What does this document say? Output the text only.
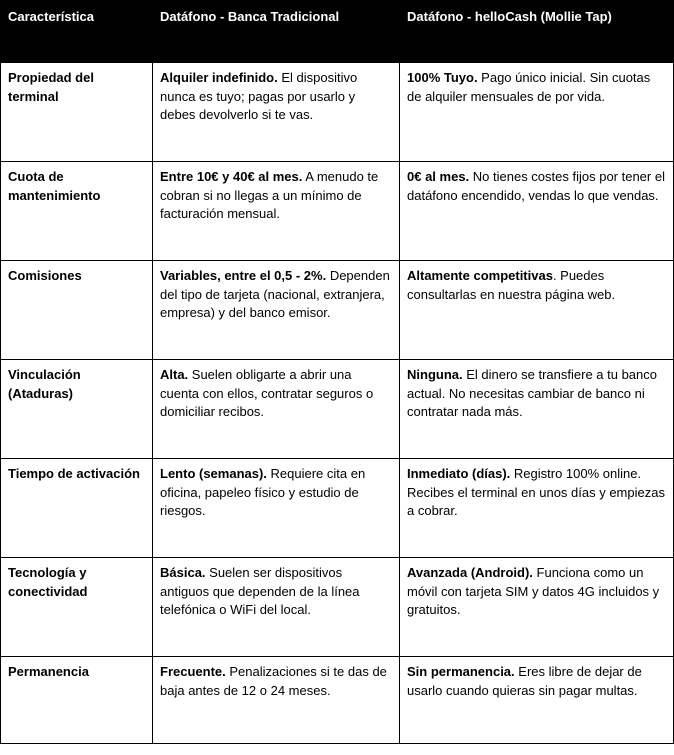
Característica	Datáfono - Banca Tradicional	Datáfono - helloCash (Mollie Tap)
Propiedad del terminal	Alquiler indefinido. El dispositivo nunca es tuyo; pagas por usarlo y debes devolverlo si te vas.	100% Tuyo. Pago único inicial. Sin cuotas de alquiler mensuales de por vida.
Cuota de mantenimiento	Entre 10€ y 40€ al mes. A menudo te cobran si no llegas a un mínimo de facturación mensual.	0€ al mes. No tienes costes fijos por tener el datáfono encendido, vendas lo que vendas.
Comisiones	Variables, entre el 0,5 - 2%. Dependen del tipo de tarjeta (nacional, extranjera, empresa) y del banco emisor.	Altamente competitivas. Puedes consultarlas en nuestra página web.
Vinculación (Ataduras)	Alta. Suelen obligarte a abrir una cuenta con ellos, contratar seguros o domiciliar recibos.	Ninguna. El dinero se transfiere a tu banco actual. No necesitas cambiar de banco ni contratar nada más.
Tiempo de activación	Lento (semanas). Requiere cita en oficina, papeleo físico y estudio de riesgos.	Inmediato (días). Registro 100% online. Recibes el terminal en unos días y empiezas a cobrar.
Tecnología y conectividad	Básica. Suelen ser dispositivos antiguos que dependen de la línea telefónica o WiFi del local.	Avanzada (Android). Funciona como un móvil con tarjeta SIM y datos 4G incluidos y gratuitos.
Permanencia	Frecuente. Penalizaciones si te das de baja antes de 12 o 24 meses.	Sin permanencia. Eres libre de dejar de usarlo cuando quieras sin pagar multas.
